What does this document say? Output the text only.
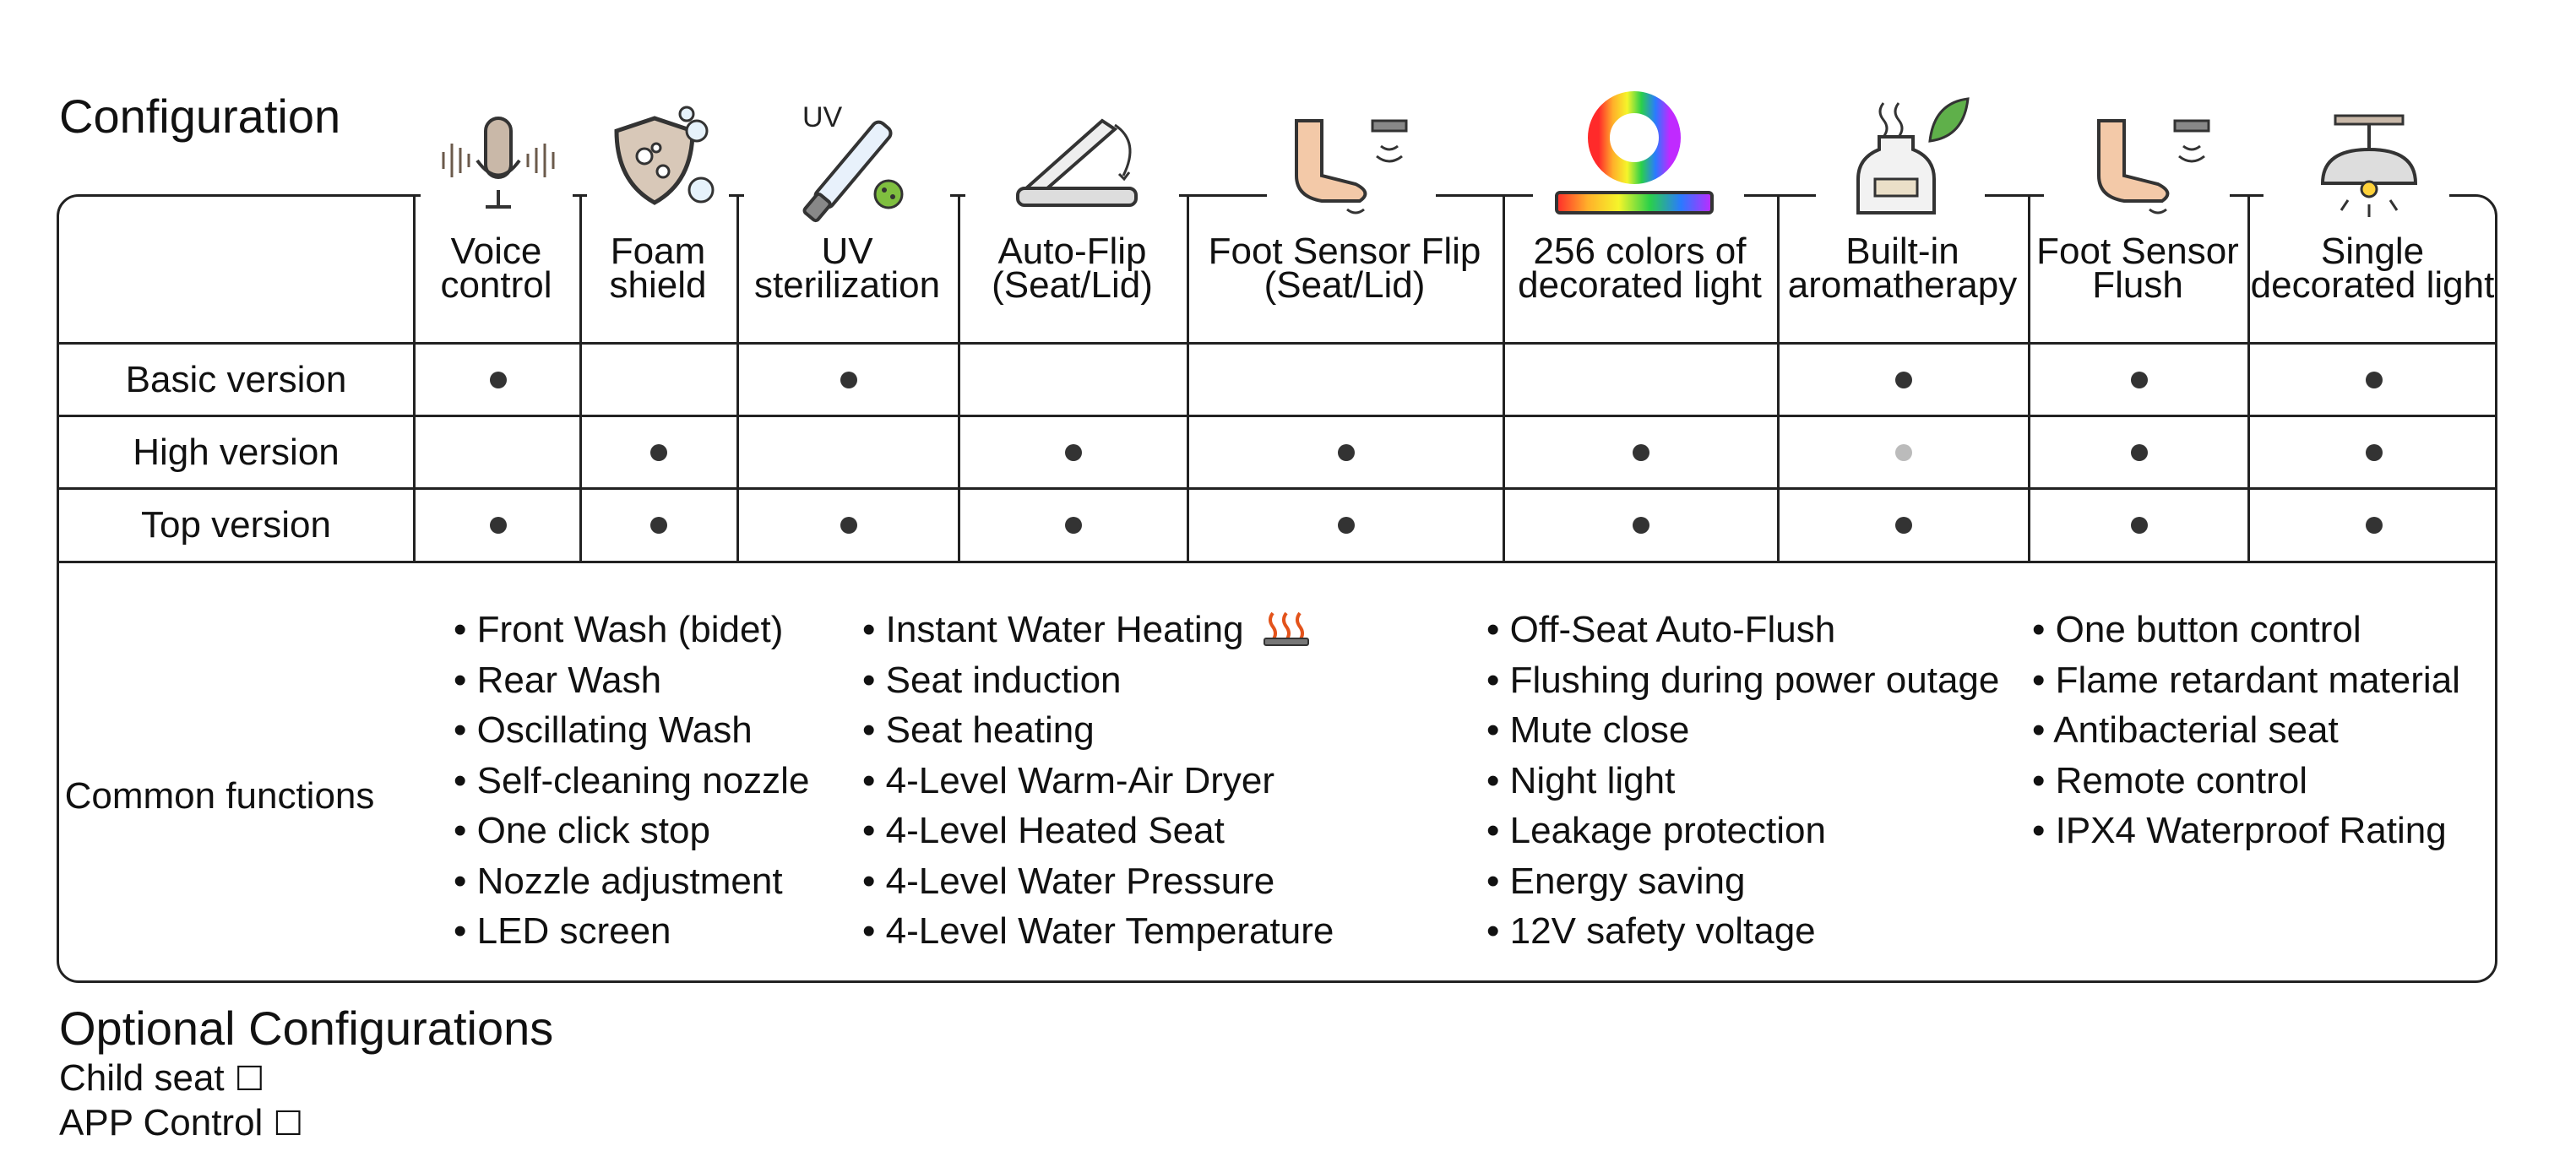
Configuration	UV
Voice
control
Foam
shield
UV
sterilization
Auto-Flip
(Seat/Lid)
Foot Sensor Flip
(Seat/Lid)
256 colors of
decorated light
Built-in
aromatherapy
Foot Sensor
Flush
Single
decorated light
Basic version
High version
Top version
Common functions
• Front Wash (bidet)
• Rear Wash
• Oscillating Wash
• Self-cleaning nozzle
• One click stop
• Nozzle adjustment
• LED screen
• Instant Water Heating
• Seat induction
• Seat heating
• 4-Level Warm-Air Dryer
• 4-Level Heated Seat
• 4-Level Water Pressure
• 4-Level Water Temperature
• Off-Seat Auto-Flush
• Flushing during power outage
• Mute close
• Night light
• Leakage protection
• Energy saving
• 12V safety voltage
• One button control
• Flame retardant material
• Antibacterial seat
• Remote control
• IPX4 Waterproof Rating
Optional Configurations
Child seat ☐
APP Control ☐
